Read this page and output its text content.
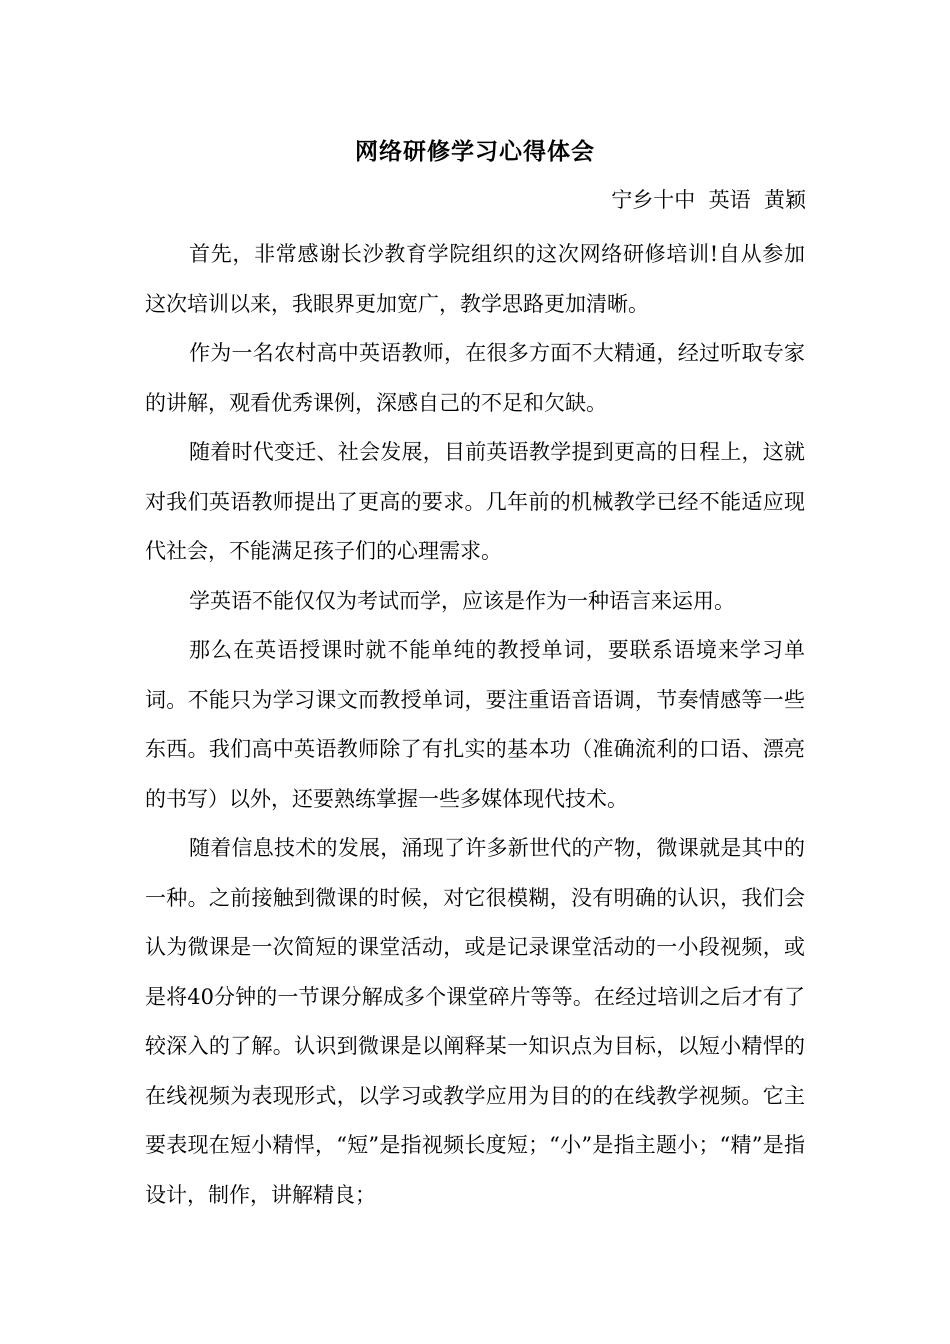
网络研修学习心得体会
宁乡十中  英语  黄颖

首先，非常感谢长沙教育学院组织的这次网络研修培训!自从参加这次培训以来，我眼界更加宽广，教学思路更加清晰。

作为一名农村高中英语教师，在很多方面不大精通，经过听取专家的讲解，观看优秀课例，深感自己的不足和欠缺。

随着时代变迁、社会发展，目前英语教学提到更高的日程上，这就对我们英语教师提出了更高的要求。几年前的机械教学已经不能适应现代社会，不能满足孩子们的心理需求。

学英语不能仅仅为考试而学，应该是作为一种语言来运用。

那么在英语授课时就不能单纯的教授单词，要联系语境来学习单词。不能只为学习课文而教授单词，要注重语音语调，节奏情感等一些东西。我们高中英语教师除了有扎实的基本功（准确流利的口语、漂亮的书写）以外，还要熟练掌握一些多媒体现代技术。

随着信息技术的发展，涌现了许多新世代的产物，微课就是其中的一种。之前接触到微课的时候，对它很模糊，没有明确的认识，我们会认为微课是一次简短的课堂活动，或是记录课堂活动的一小段视频，或是将40分钟的一节课分解成多个课堂碎片等等。在经过培训之后才有了较深入的了解。认识到微课是以阐释某一知识点为目标，以短小精悍的在线视频为表现形式，以学习或教学应用为目的的在线教学视频。它主要表现在短小精悍，“短”是指视频长度短；“小”是指主题小；“精”是指设计，制作，讲解精良；
